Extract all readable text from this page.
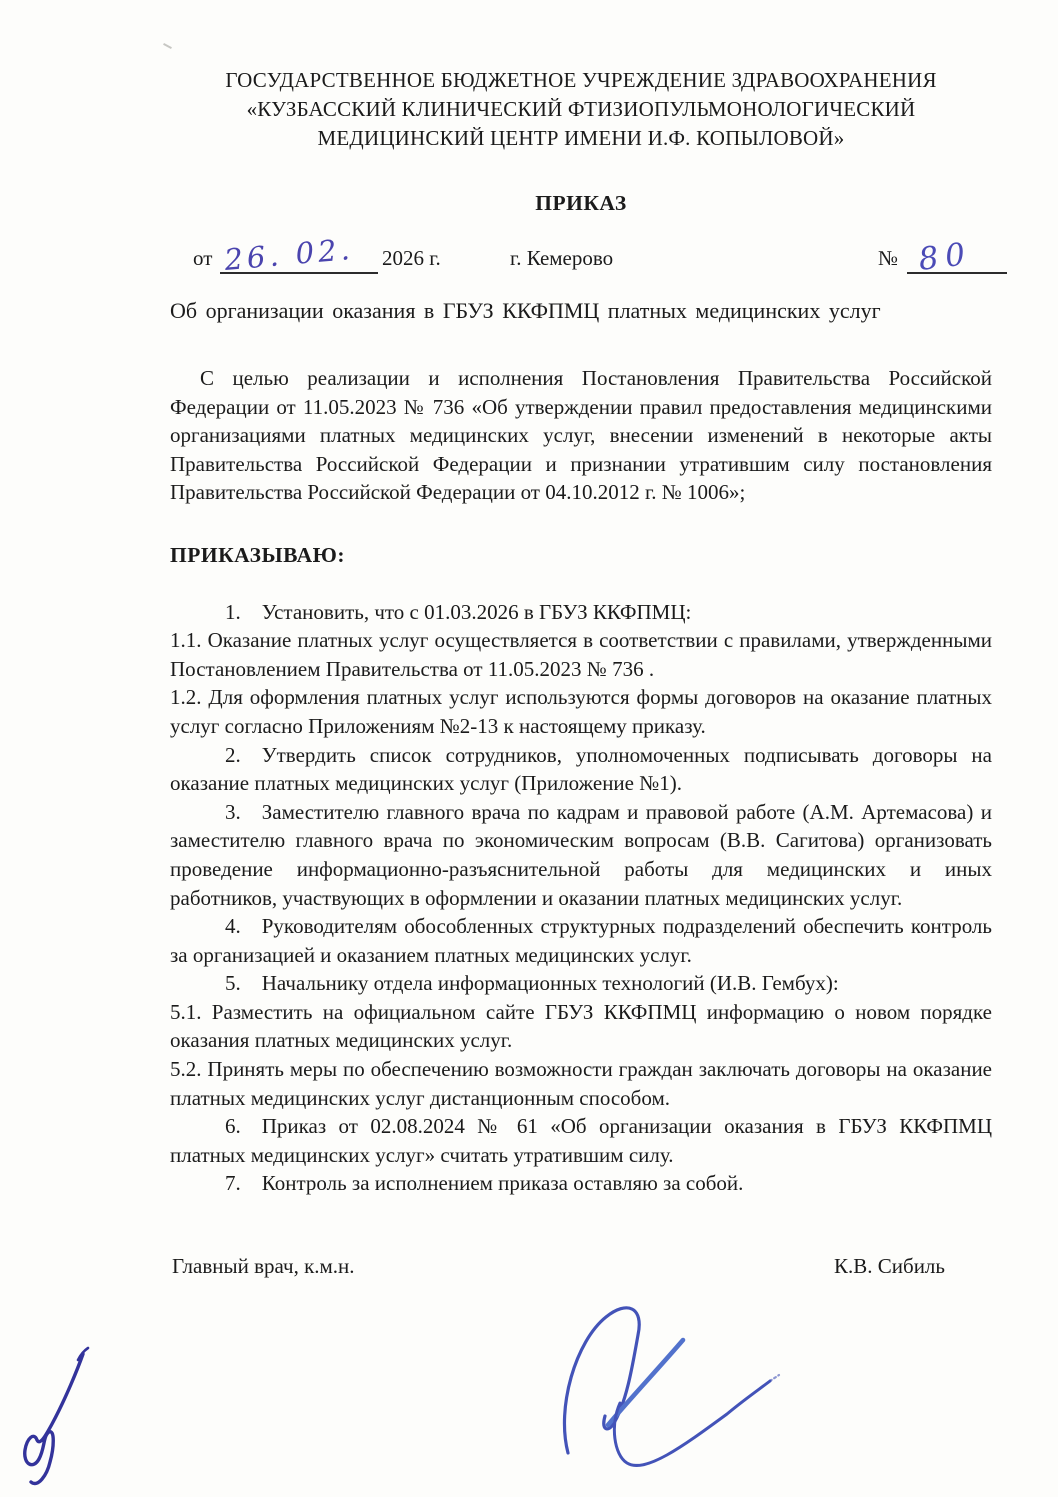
ГОСУДАРСТВЕННОЕ БЮДЖЕТНОЕ УЧРЕЖДЕНИЕ ЗДРАВООХРАНЕНИЯ
«КУЗБАССКИЙ КЛИНИЧЕСКИЙ ФТИЗИОПУЛЬМОНОЛОГИЧЕСКИЙ
МЕДИЦИНСКИЙ ЦЕНТР ИМЕНИ И.Ф. КОПЫЛОВОЙ»
ПРИКАЗ
от 26. 02. 2026 г.	г. Кемерово	№ 80

Об организации оказания в ГБУЗ ККФПМЦ платных медицинских услуг

С целью реализации и исполнения Постановления Правительства Российской Федерации от 11.05.2023 № 736 «Об утверждении правил предоставления медицинскими организациями платных медицинских услуг, внесении изменений в некоторые акты Правительства Российской Федерации и признании утратившим силу постановления Правительства Российской Федерации от 04.10.2012 г. № 1006»;

ПРИКАЗЫВАЮ:

1. Установить, что с 01.03.2026 в ГБУЗ ККФПМЦ:

1.1. Оказание платных услуг осуществляется в соответствии с правилами, утвержденными Постановлением Правительства от 11.05.2023 № 736 .

1.2. Для оформления платных услуг используются формы договоров на оказание платных услуг согласно Приложениям №2-13 к настоящему приказу.

2. Утвердить список сотрудников, уполномоченных подписывать договоры на оказание платных медицинских услуг (Приложение №1).

3. Заместителю главного врача по кадрам и правовой работе (А.М. Артемасова) и заместителю главного врача по экономическим вопросам (В.В. Сагитова) организовать проведение информационно-разъяснительной работы для медицинских и иных работников, участвующих в оформлении и оказании платных медицинских услуг.

4. Руководителям обособленных структурных подразделений обеспечить контроль за организацией и оказанием платных медицинских услуг.

5. Начальнику отдела информационных технологий (И.В. Гембух):

5.1. Разместить на официальном сайте ГБУЗ ККФПМЦ информацию о новом порядке оказания платных медицинских услуг.

5.2. Принять меры по обеспечению возможности граждан заключать договоры на оказание платных медицинских услуг дистанционным способом.

6. Приказ от 02.08.2024 № 61 «Об организации оказания в ГБУЗ ККФПМЦ платных медицинских услуг» считать утратившим силу.

7. Контроль за исполнением приказа оставляю за собой.

Главный врач, к.м.н.	К.В. Сибиль
